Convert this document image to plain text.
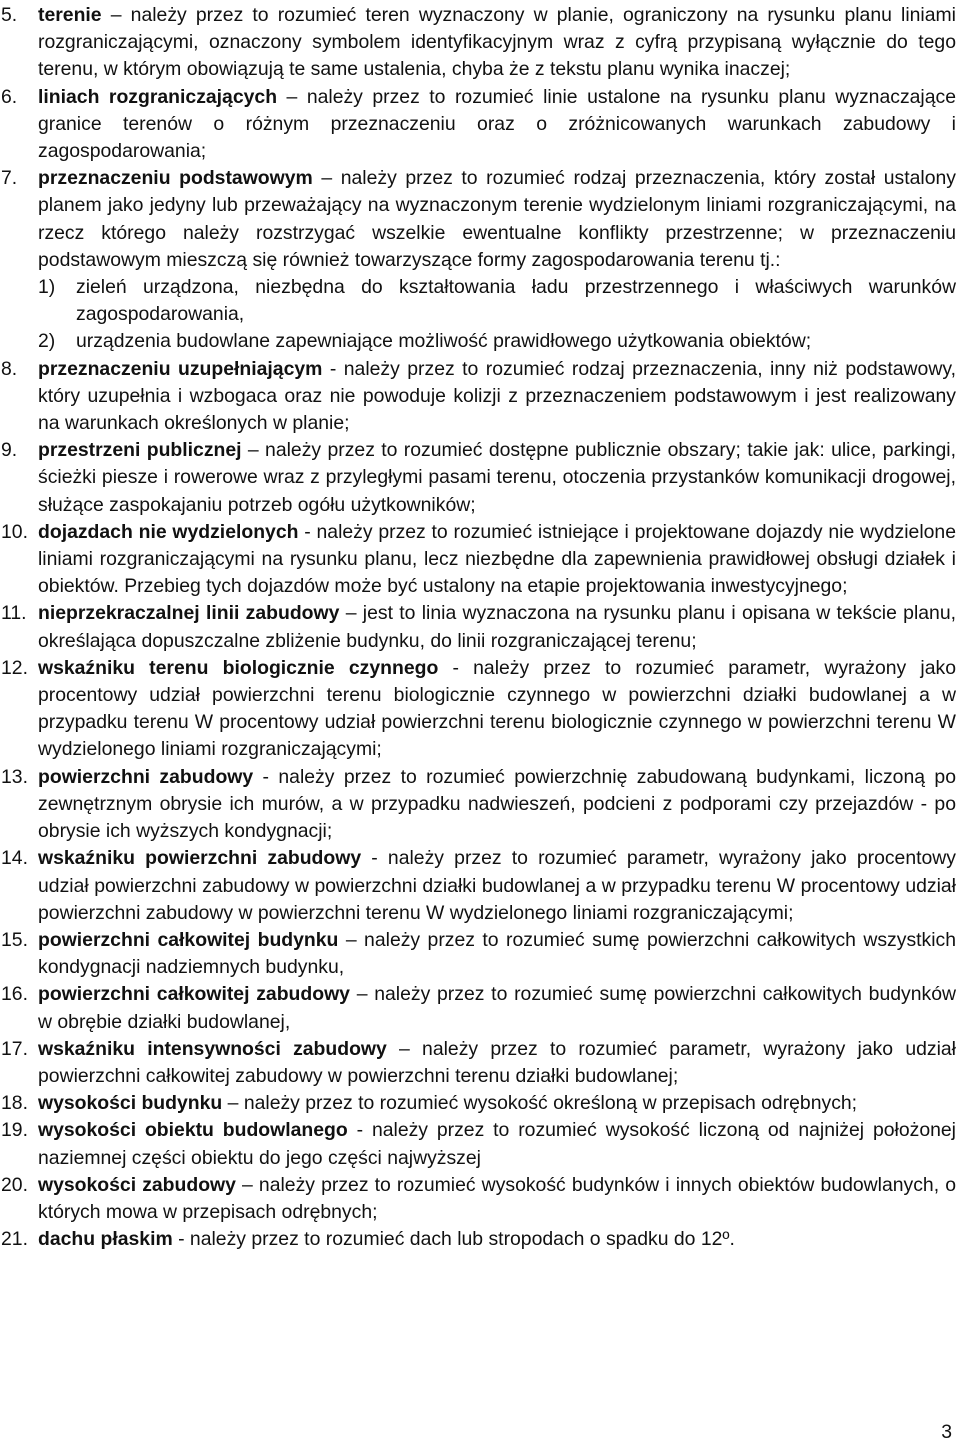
5.	terenie – należy przez to rozumieć teren wyznaczony w planie, ograniczony na rysunku planu liniami rozgraniczającymi, oznaczony symbolem identyfikacyjnym wraz z cyfrą przypisaną wyłącznie do tego terenu, w którym obowiązują te same ustalenia, chyba że z tekstu planu wynika inaczej;
6.	liniach rozgraniczających – należy przez to rozumieć linie ustalone na rysunku planu wyznaczające granice terenów o różnym przeznaczeniu oraz o zróżnicowanych warunkach zabudowy i zagospodarowania;
7.	przeznaczeniu podstawowym – należy przez to rozumieć rodzaj przeznaczenia, który został ustalony planem jako jedyny lub przeważający na wyznaczonym terenie wydzielonym liniami rozgraniczającymi, na rzecz którego należy rozstrzygać wszelkie ewentualne konflikty przestrzenne; w przeznaczeniu podstawowym mieszczą się również towarzyszące formy zagospodarowania terenu tj.:
1)	zieleń urządzona, niezbędna do kształtowania ładu przestrzennego i właściwych warunków zagospodarowania,
2)	urządzenia budowlane zapewniające możliwość prawidłowego użytkowania obiektów;
8.	przeznaczeniu uzupełniającym - należy przez to rozumieć rodzaj przeznaczenia, inny niż podstawowy, który uzupełnia i wzbogaca oraz nie powoduje kolizji z przeznaczeniem podstawowym i jest realizowany na warunkach określonych w planie;
9.	przestrzeni publicznej – należy przez to rozumieć dostępne publicznie obszary; takie jak: ulice, parkingi, ścieżki piesze i rowerowe wraz z przyległymi pasami terenu, otoczenia przystanków komunikacji drogowej, służące zaspokajaniu potrzeb ogółu użytkowników;
10. dojazdach nie wydzielonych - należy przez to rozumieć istniejące i projektowane dojazdy nie wydzielone liniami rozgraniczającymi na rysunku planu, lecz niezbędne dla zapewnienia prawidłowej obsługi działek i obiektów. Przebieg tych dojazdów może być ustalony na etapie projektowania inwestycyjnego;
11. nieprzekraczalnej linii zabudowy – jest to linia wyznaczona na rysunku planu i opisana w tekście planu, określająca dopuszczalne zbliżenie budynku, do linii rozgraniczającej terenu;
12. wskaźniku terenu biologicznie czynnego - należy przez to rozumieć parametr, wyrażony jako procentowy udział powierzchni terenu biologicznie czynnego w powierzchni działki budowlanej a w przypadku terenu W procentowy udział powierzchni terenu biologicznie czynnego w powierzchni terenu W wydzielonego liniami rozgraniczającymi;
13. powierzchni zabudowy - należy przez to rozumieć powierzchnię zabudowaną budynkami, liczoną po zewnętrznym obrysie ich murów, a w przypadku nadwieszeń, podcieni z podporami czy przejazdów - po obrysie ich wyższych kondygnacji;
14. wskaźniku powierzchni zabudowy - należy przez to rozumieć parametr, wyrażony jako procentowy udział powierzchni zabudowy w powierzchni działki budowlanej a w przypadku terenu W procentowy udział powierzchni zabudowy w powierzchni terenu W wydzielonego liniami rozgraniczającymi;
15. powierzchni całkowitej budynku – należy przez to rozumieć sumę powierzchni całkowitych wszystkich kondygnacji nadziemnych budynku,
16. powierzchni całkowitej zabudowy – należy przez to rozumieć sumę powierzchni całkowitych budynków w obrębie działki budowlanej,
17. wskaźniku intensywności zabudowy – należy przez to rozumieć parametr, wyrażony jako udział powierzchni całkowitej zabudowy w powierzchni terenu działki budowlanej;
18. wysokości budynku – należy przez to rozumieć wysokość określoną w przepisach odrębnych;
19. wysokości obiektu budowlanego - należy przez to rozumieć wysokość liczoną od najniżej położonej naziemnej części obiektu do jego części najwyższej
20. wysokości zabudowy – należy przez to rozumieć wysokość budynków i innych obiektów budowlanych, o których mowa w przepisach odrębnych;
21. dachu płaskim - należy przez to rozumieć dach lub stropodach o spadku do 12º.
3
